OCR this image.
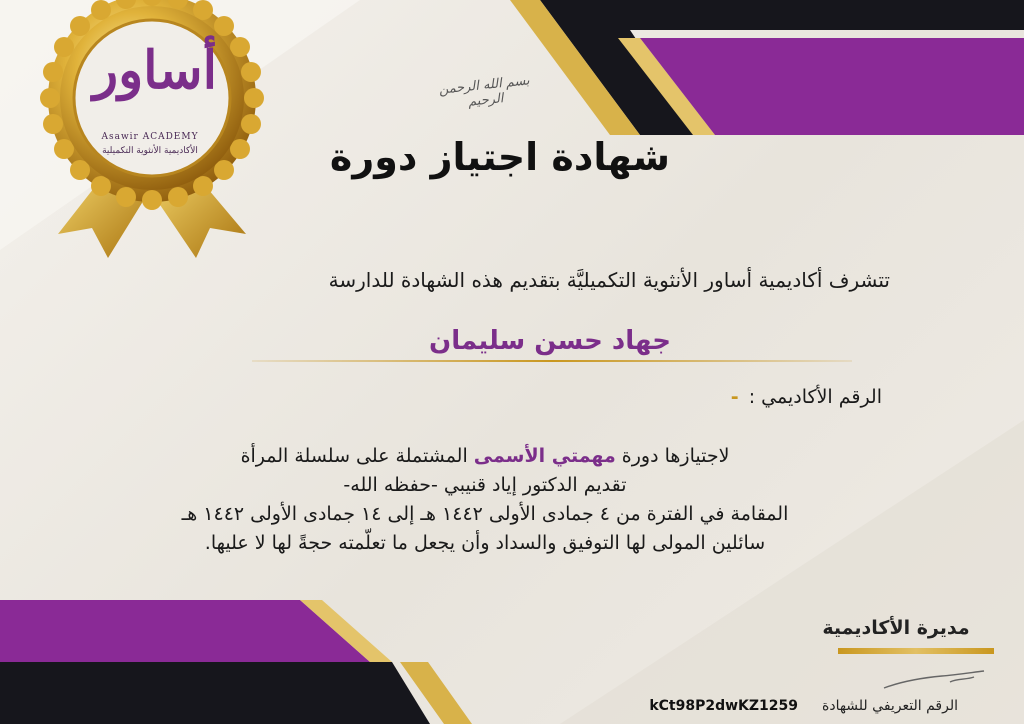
أساور
Asawir ACADEMY
الأكاديمية الأنثوية التكميلية
بسم الله الرحمن الرحيم
شهادة اجتياز دورة
تتشرف أكاديمية أساور الأنثوية التكميليَّة بتقديم هذه الشهادة للدارسة
جهاد حسن سليمان
الرقم الأكاديمي : -
لاجتيازها دورة مهمتي الأسمى المشتملة على سلسلة المرأة
تقديم الدكتور إياد قنيبي -حفظه الله-
المقامة في الفترة من ٤ جمادى الأولى ١٤٤٢ هـ إلى ١٤ جمادى الأولى ١٤٤٢ هـ
سائلين المولى لها التوفيق والسداد وأن يجعل ما تعلّمته حجةً لها لا عليها.
مديرة الأكاديمية
الرقم التعريفي للشهادة
kCt98P2dwKZ1259
